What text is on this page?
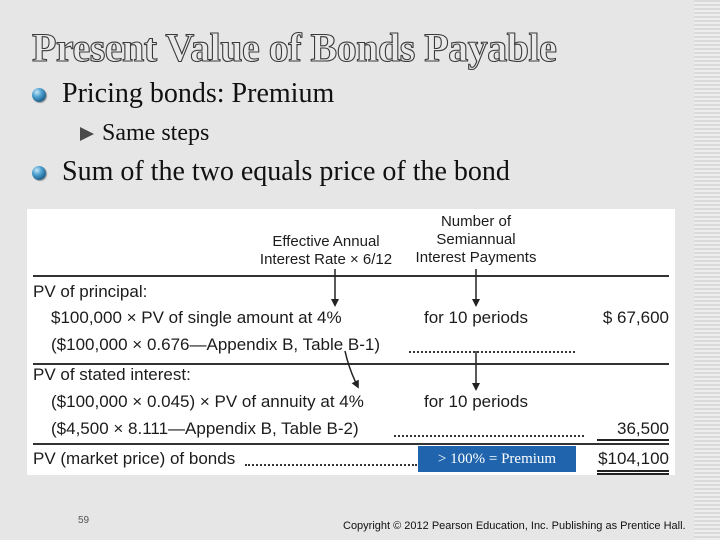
Present Value of Bonds Payable
Pricing bonds: Premium
Same steps
Sum of the two equals price of the bond
Effective Annual
Interest Rate × 6/12
Number of
Semiannual
Interest Payments
PV of principal:
$100,000 × PV of single amount at 4%	for 10 periods	$ 67,600
($100,000 × 0.676—Appendix B, Table B-1)
PV of stated interest:
($100,000 × 0.045) × PV of annuity at 4%	for 10 periods
($4,500 × 8.111—Appendix B, Table B-2)	36,500
PV (market price) of bonds	$104,100
> 100% = Premium
59	Copyright © 2012 Pearson Education, Inc. Publishing as Prentice Hall.
